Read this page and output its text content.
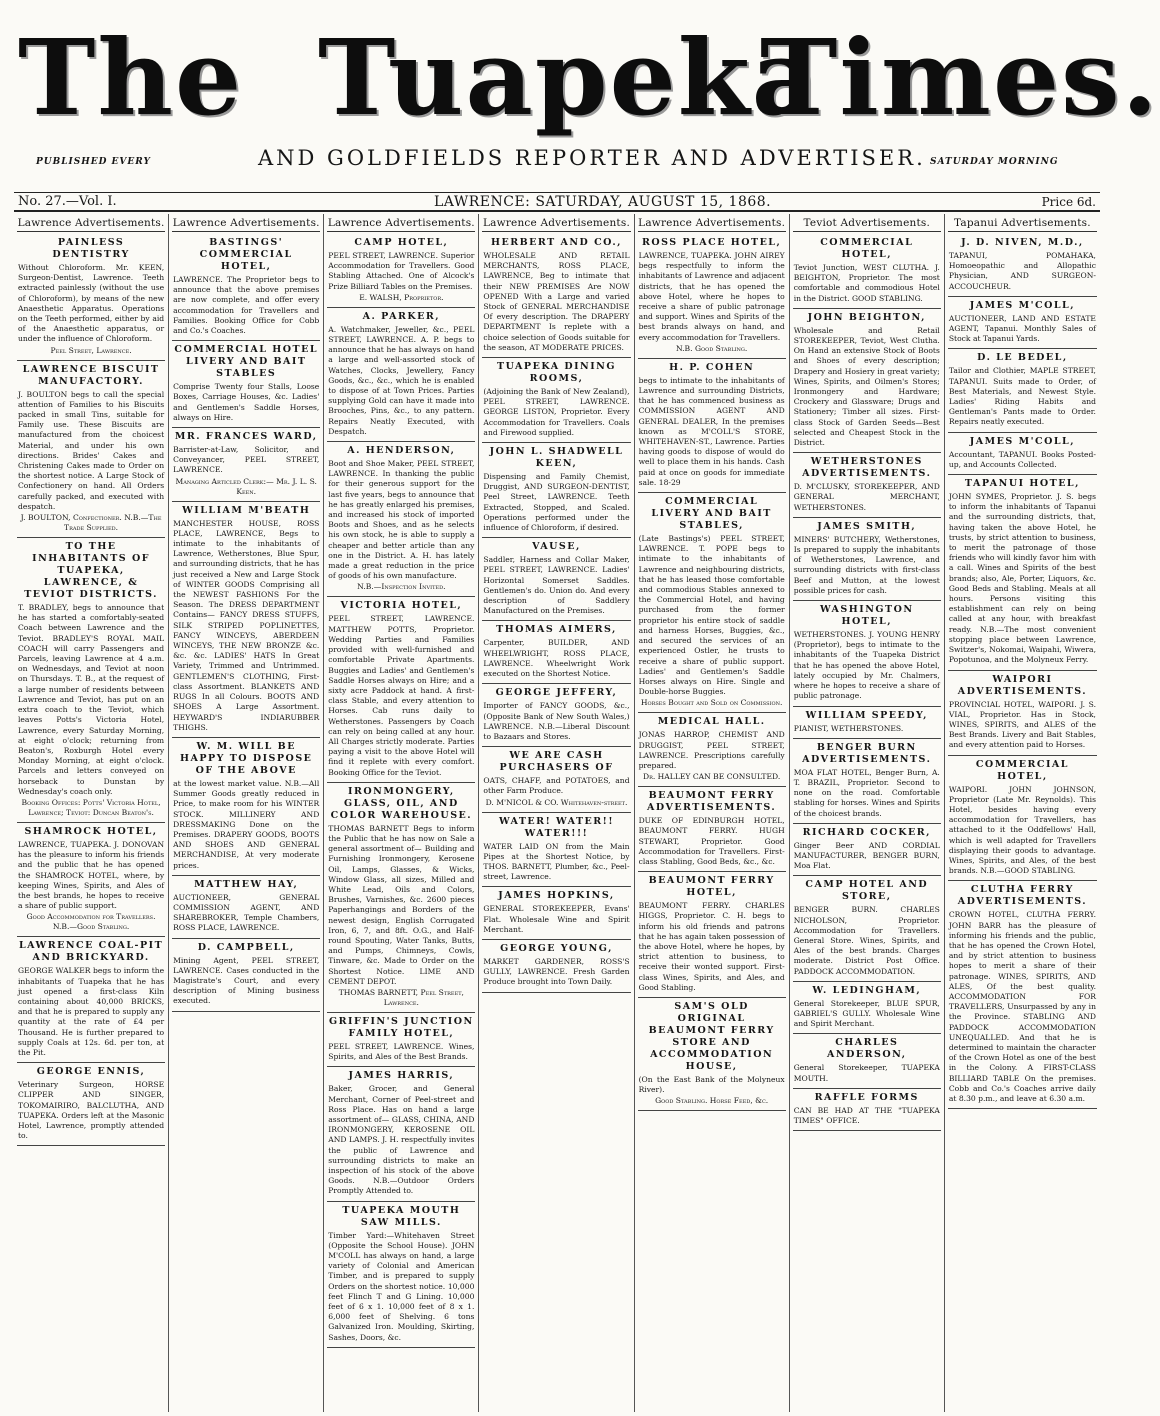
The Tuapeka
Times.
PUBLISHED EVERY	AND GOLDFIELDS REPORTER AND ADVERTISER. SATURDAY MORNING
No. 27.—Vol. I.	LAWRENCE: SATURDAY, AUGUST 15, 1868.	Price 6d.
Lawrence Advertisements.
PAINLESS DENTISTRY
Without Chloroform. Mr. KEEN, Surgeon-Dentist, Lawrence. Teeth extracted painlessly (without the use of Chloroform), by means of the new Anaesthetic Apparatus. Operations on the Teeth performed, either by aid of the Anaesthetic apparatus, or under the influence of Chloroform.
Peel Street, Lawrence.
LAWRENCE BISCUIT MANUFACTORY.
J. BOULTON begs to call the special attention of Families to his Biscuits packed in small Tins, suitable for Family use. These Biscuits are manufactured from the choicest Material, and under his own directions. Brides' Cakes and Christening Cakes made to Order on the shortest notice. A Large Stock of Confectionery on hand. All Orders carefully packed, and executed with despatch.
J. BOULTON, Confectioner. N.B.—The Trade Supplied.
TO THE INHABITANTS OF TUAPEKA, LAWRENCE, & TEVIOT DISTRICTS.
T. BRADLEY, begs to announce that he has started a comfortably-seated Coach between Lawrence and the Teviot. BRADLEY'S ROYAL MAIL COACH will carry Passengers and Parcels, leaving Lawrence at 4 a.m. on Wednesdays, and Teviot at noon on Thursdays. T. B., at the request of a large number of residents between Lawrence and Teviot, has put on an extra coach to the Teviot, which leaves Potts's Victoria Hotel, Lawrence, every Saturday Morning, at eight o'clock; returning from Beaton's, Roxburgh Hotel every Monday Morning, at eight o'clock. Parcels and letters conveyed on horseback to Dunstan by Wednesday's coach only.
Booking Offices: Potts' Victoria Hotel, Lawrence; Teviot: Duncan Beaton's.
SHAMROCK HOTEL,
LAWRENCE, TUAPEKA. J. DONOVAN has the pleasure to inform his friends and the public that he has opened the SHAMROCK HOTEL, where, by keeping Wines, Spirits, and Ales of the best brands, he hopes to receive a share of public support.
Good Accommodation for Travellers. N.B.—Good Stabling.
LAWRENCE COAL-PIT AND BRICKYARD.
GEORGE WALKER begs to inform the inhabitants of Tuapeka that he has just opened a first-class Kiln containing about 40,000 BRICKS, and that he is prepared to supply any quantity at the rate of £4 per Thousand. He is further prepared to supply Coals at 12s. 6d. per ton, at the Pit.
GEORGE ENNIS,
Veterinary Surgeon, HORSE CLIPPER AND SINGER, TOKOMAIRIRO, BALCLUTHA, AND TUAPEKA. Orders left at the Masonic Hotel, Lawrence, promptly attended to.
Lawrence Advertisements.
BASTINGS' COMMERCIAL HOTEL,
LAWRENCE. The Proprietor begs to announce that the above premises are now complete, and offer every accommodation for Travellers and Families. Booking Office for Cobb and Co.'s Coaches.
COMMERCIAL HOTEL LIVERY AND BAIT STABLES
Comprise Twenty four Stalls, Loose Boxes, Carriage Houses, &c. Ladies' and Gentlemen's Saddle Horses, always on Hire.
MR. FRANCES WARD,
Barrister-at-Law, Solicitor, and Conveyancer, PEEL STREET, LAWRENCE.
Managing Articled Clerk:— Mr. J. L. S. Keen.
WILLIAM M'BEATH
MANCHESTER HOUSE, ROSS PLACE, LAWRENCE, Begs to intimate to the inhabitants of Lawrence, Wetherstones, Blue Spur, and surrounding districts, that he has just received a New and Large Stock of WINTER GOODS Comprising all the NEWEST FASHIONS For the Season. The DRESS DEPARTMENT Contains— FANCY DRESS STUFFS, SILK STRIPED POPLINETTES, FANCY WINCEYS, ABERDEEN WINCEYS, THE NEW BRONZE &c. &c. &c. LADIES' HATS In Great Variety, Trimmed and Untrimmed. GENTLEMEN'S CLOTHING, First-class Assortment. BLANKETS AND RUGS In all Colours. BOOTS AND SHOES A Large Assortment. HEYWARD'S INDIARUBBER THIGHS.
W. M. WILL BE HAPPY TO DISPOSE OF THE ABOVE
at the lowest market value. N.B.—All Summer Goods greatly reduced in Price, to make room for his WINTER STOCK. MILLINERY AND DRESSMAKING Done on the Premises. DRAPERY GOODS, BOOTS AND SHOES AND GENERAL MERCHANDISE, At very moderate prices.
MATTHEW HAY,
AUCTIONEER, GENERAL COMMISSION AGENT, AND SHAREBROKER, Temple Chambers, ROSS PLACE, LAWRENCE.
D. CAMPBELL,
Mining Agent, PEEL STREET, LAWRENCE. Cases conducted in the Magistrate's Court, and every description of Mining business executed.
Lawrence Advertisements.
CAMP HOTEL,
PEEL STREET, LAWRENCE. Superior Accommodation for Travellers. Good Stabling Attached. One of Alcock's Prize Billiard Tables on the Premises.
E. WALSH, Proprietor.
A. PARKER,
A. Watchmaker, Jeweller, &c., PEEL STREET, LAWRENCE. A. P. begs to announce that he has always on hand a large and well-assorted stock of Watches, Clocks, Jewellery, Fancy Goods, &c., &c., which he is enabled to dispose of at Town Prices. Parties supplying Gold can have it made into Brooches, Pins, &c., to any pattern. Repairs Neatly Executed, with Despatch.
A. HENDERSON,
Boot and Shoe Maker, PEEL STREET, LAWRENCE. In thanking the public for their generous support for the last five years, begs to announce that he has greatly enlarged his premises, and increased his stock of imported Boots and Shoes, and as he selects his own stock, he is able to supply a cheaper and better article than any one in the District. A. H. has lately made a great reduction in the price of goods of his own manufacture.
N.B.—Inspection Invited.
VICTORIA HOTEL,
PEEL STREET, LAWRENCE. MATTHEW POTTS, Proprietor. Wedding Parties and Families provided with well-furnished and comfortable Private Apartments. Buggies and Ladies' and Gentlemen's Saddle Horses always on Hire; and a sixty acre Paddock at hand. A first-class Stable, and every attention to Horses. Cab runs daily to Wetherstones. Passengers by Coach can rely on being called at any hour. All Charges strictly moderate. Parties paying a visit to the above Hotel will find it replete with every comfort. Booking Office for the Teviot.
IRONMONGERY, GLASS, OIL, AND COLOR WAREHOUSE.
THOMAS BARNETT Begs to inform the Public that he has now on Sale a general assortment of— Building and Furnishing Ironmongery, Kerosene Oil, Lamps, Glasses, & Wicks, Window Glass, all sizes, Milled and White Lead, Oils and Colors, Brushes, Varnishes, &c. 2600 pieces Paperhangings and Borders of the newest design, English Corrugated Iron, 6, 7, and 8ft. O.G., and Half-round Spouting, Water Tanks, Butts, and Pumps, Chimneys, Cowls, Tinware, &c. Made to Order on the Shortest Notice. LIME AND CEMENT DEPOT.
THOMAS BARNETT, Peel Street, Lawrence.
GRIFFIN'S JUNCTION FAMILY HOTEL,
PEEL STREET, LAWRENCE. Wines, Spirits, and Ales of the Best Brands.
JAMES HARRIS,
Baker, Grocer, and General Merchant, Corner of Peel-street and Ross Place. Has on hand a large assortment of— GLASS, CHINA, AND IRONMONGERY, KEROSENE OIL AND LAMPS. J. H. respectfully invites the public of Lawrence and surrounding districts to make an inspection of his stock of the above Goods. N.B.—Outdoor Orders Promptly Attended to.
TUAPEKA MOUTH SAW MILLS.
Timber Yard:—Whitehaven Street (Opposite the School House). JOHN M'COLL has always on hand, a large variety of Colonial and American Timber, and is prepared to supply Orders on the shortest notice. 10,000 feet Flinch T and G Lining. 10,000 feet of 6 x 1. 10,000 feet of 8 x 1. 6,000 feet of Shelving. 6 tons Galvanized Iron. Moulding, Skirting, Sashes, Doors, &c.
Lawrence Advertisements.
HERBERT AND CO.,
WHOLESALE AND RETAIL MERCHANTS, ROSS PLACE, LAWRENCE, Beg to intimate that their NEW PREMISES Are NOW OPENED With a Large and varied Stock of GENERAL MERCHANDISE Of every description. The DRAPERY DEPARTMENT Is replete with a choice selection of Goods suitable for the season, AT MODERATE PRICES.
TUAPEKA DINING ROOMS,
(Adjoining the Bank of New Zealand), PEEL STREET, LAWRENCE. GEORGE LISTON, Proprietor. Every Accommodation for Travellers. Coals and Firewood supplied.
JOHN L. SHADWELL KEEN,
Dispensing and Family Chemist, Druggist, AND SURGEON-DENTIST, Peel Street, LAWRENCE. Teeth Extracted, Stopped, and Scaled. Operations performed under the influence of Chloroform, if desired.
VAUSE,
Saddler, Harness and Collar Maker, PEEL STREET, LAWRENCE. Ladies' Horizontal Somerset Saddles. Gentlemen's do. Union do. And every description of Saddlery Manufactured on the Premises.
THOMAS AIMERS,
Carpenter, BUILDER, AND WHEELWRIGHT, ROSS PLACE, LAWRENCE. Wheelwright Work executed on the Shortest Notice.
GEORGE JEFFERY,
Importer of FANCY GOODS, &c., (Opposite Bank of New South Wales,) LAWRENCE. N.B.—Liberal Discount to Bazaars and Stores.
WE ARE CASH PURCHASERS OF
OATS, CHAFF, and POTATOES, and other Farm Produce.
D. M'NICOL & CO. Whitehaven-street.
WATER! WATER!! WATER!!!
WATER LAID ON from the Main Pipes at the Shortest Notice, by THOS. BARNETT, Plumber, &c., Peel-street, Lawrence.
JAMES HOPKINS,
GENERAL STOREKEEPER, Evans' Flat. Wholesale Wine and Spirit Merchant.
GEORGE YOUNG,
MARKET GARDENER, ROSS'S GULLY, LAWRENCE. Fresh Garden Produce brought into Town Daily.
Lawrence Advertisements.
ROSS PLACE HOTEL,
LAWRENCE, TUAPEKA. JOHN AIREY begs respectfully to inform the inhabitants of Lawrence and adjacent districts, that he has opened the above Hotel, where he hopes to receive a share of public patronage and support. Wines and Spirits of the best brands always on hand, and every accommodation for Travellers.
N.B. Good Stabling.
H. P. COHEN
begs to intimate to the inhabitants of Lawrence and surrounding Districts, that he has commenced business as COMMISSION AGENT AND GENERAL DEALER, In the premises known as M'COLL'S STORE, WHITEHAVEN-ST., Lawrence. Parties having goods to dispose of would do well to place them in his hands. Cash paid at once on goods for immediate sale. 18-29
COMMERCIAL LIVERY AND BAIT STABLES,
(Late Bastings's) PEEL STREET, LAWRENCE. T. POPE begs to intimate to the inhabitants of Lawrence and neighbouring districts, that he has leased those comfortable and commodious Stables annexed to the Commercial Hotel, and having purchased from the former proprietor his entire stock of saddle and harness Horses, Buggies, &c., and secured the services of an experienced Ostler, he trusts to receive a share of public support. Ladies' and Gentlemen's Saddle Horses always on Hire. Single and Double-horse Buggies.
Horses Bought and Sold on Commission.
MEDICAL HALL.
JONAS HARROP, CHEMIST AND DRUGGIST, PEEL STREET, LAWRENCE. Prescriptions carefully prepared.
Dr. HALLEY CAN BE CONSULTED.
BEAUMONT FERRY ADVERTISEMENTS.
DUKE OF EDINBURGH HOTEL, BEAUMONT FERRY. HUGH STEWART, Proprietor. Good Accommodation for Travellers. First-class Stabling, Good Beds, &c., &c.
BEAUMONT FERRY HOTEL,
BEAUMONT FERRY. CHARLES HIGGS, Proprietor. C. H. begs to inform his old friends and patrons that he has again taken possession of the above Hotel, where he hopes, by strict attention to business, to receive their wonted support. First-class Wines, Spirits, and Ales, and Good Stabling.
SAM'S OLD ORIGINAL BEAUMONT FERRY STORE AND ACCOMMODATION HOUSE,
(On the East Bank of the Molyneux River).
Good Stabling. Horse Feed, &c.
Teviot Advertisements.
COMMERCIAL HOTEL,
Teviot Junction, WEST CLUTHA. J. BEIGHTON, Proprietor. The most comfortable and commodious Hotel in the District. GOOD STABLING.
JOHN BEIGHTON,
Wholesale and Retail STOREKEEPER, Teviot, West Clutha. On Hand an extensive Stock of Boots and Shoes of every description; Drapery and Hosiery in great variety; Wines, Spirits, and Oilmen's Stores; Ironmongery and Hardware; Crockery and Glassware; Drugs and Stationery; Timber all sizes. First-class Stock of Garden Seeds—Best selected and Cheapest Stock in the District.
WETHERSTONES ADVERTISEMENTS.
D. M'CLUSKY, STOREKEEPER, AND GENERAL MERCHANT, WETHERSTONES.
JAMES SMITH,
MINERS' BUTCHERY, Wetherstones, Is prepared to supply the inhabitants of Wetherstones, Lawrence, and surrounding districts with first-class Beef and Mutton, at the lowest possible prices for cash.
WASHINGTON HOTEL,
WETHERSTONES. J. YOUNG HENRY (Proprietor), begs to intimate to the inhabitants of the Tuapeka District that he has opened the above Hotel, lately occupied by Mr. Chalmers, where he hopes to receive a share of public patronage.
WILLIAM SPEEDY,
PIANIST, WETHERSTONES.
BENGER BURN ADVERTISEMENTS.
MOA FLAT HOTEL, Benger Burn, A. T. BRAZIL, Proprietor. Second to none on the road. Comfortable stabling for horses. Wines and Spirits of the choicest brands.
RICHARD COCKER,
Ginger Beer AND CORDIAL MANUFACTURER, BENGER BURN, Moa Flat.
CAMP HOTEL AND STORE,
BENGER BURN. CHARLES NICHOLSON, Proprietor. Accommodation for Travellers. General Store. Wines, Spirits, and Ales of the best brands. Charges moderate. District Post Office. PADDOCK ACCOMMODATION.
W. LEDINGHAM,
General Storekeeper, BLUE SPUR, GABRIEL'S GULLY. Wholesale Wine and Spirit Merchant.
CHARLES ANDERSON,
General Storekeeper, TUAPEKA MOUTH.
RAFFLE FORMS
CAN BE HAD AT THE "TUAPEKA TIMES" OFFICE.
Tapanui Advertisements.
J. D. NIVEN, M.D.,
TAPANUI, POMAHAKA, Homoeopathic and Allopathic Physician, AND SURGEON-ACCOUCHEUR.
JAMES M'COLL,
AUCTIONEER, LAND AND ESTATE AGENT, Tapanui. Monthly Sales of Stock at Tapanui Yards.
D. LE BEDEL,
Tailor and Clothier, MAPLE STREET, TAPANUI. Suits made to Order, of Best Materials, and Newest Style. Ladies' Riding Habits and Gentleman's Pants made to Order. Repairs neatly executed.
JAMES M'COLL,
Accountant, TAPANUI. Books Posted-up, and Accounts Collected.
TAPANUI HOTEL,
JOHN SYMES, Proprietor. J. S. begs to inform the inhabitants of Tapanui and the surrounding districts, that, having taken the above Hotel, he trusts, by strict attention to business, to merit the patronage of those friends who will kindly favor him with a call. Wines and Spirits of the best brands; also, Ale, Porter, Liquors, &c. Good Beds and Stabling. Meals at all hours. Persons visiting this establishment can rely on being called at any hour, with breakfast ready. N.B.—The most convenient stopping place between Lawrence, Switzer's, Nokomai, Waipahi, Wiwera, Popotunoa, and the Molyneux Ferry.
WAIPORI ADVERTISEMENTS.
PROVINCIAL HOTEL, WAIPORI. J. S. VIAL, Proprietor. Has in Stock, WINES, SPIRITS, and ALES of the Best Brands. Livery and Bait Stables, and every attention paid to Horses.
COMMERCIAL HOTEL,
WAIPORI. JOHN JOHNSON, Proprietor (Late Mr. Reynolds). This Hotel, besides having every accommodation for Travellers, has attached to it the Oddfellows' Hall, which is well adapted for Travellers displaying their goods to advantage. Wines, Spirits, and Ales, of the best brands. N.B.—GOOD STABLING.
CLUTHA FERRY ADVERTISEMENTS.
CROWN HOTEL, CLUTHA FERRY. JOHN BARR has the pleasure of informing his friends and the public, that he has opened the Crown Hotel, and by strict attention to business hopes to merit a share of their patronage. WINES, SPIRITS, AND ALES, Of the best quality. ACCOMMODATION FOR TRAVELLERS, Unsurpassed by any in the Province. STABLING AND PADDOCK ACCOMMODATION UNEQUALLED. And that he is determined to maintain the character of the Crown Hotel as one of the best in the Colony. A FIRST-CLASS BILLIARD TABLE On the premises. Cobb and Co.'s Coaches arrive daily at 8.30 p.m., and leave at 6.30 a.m.
